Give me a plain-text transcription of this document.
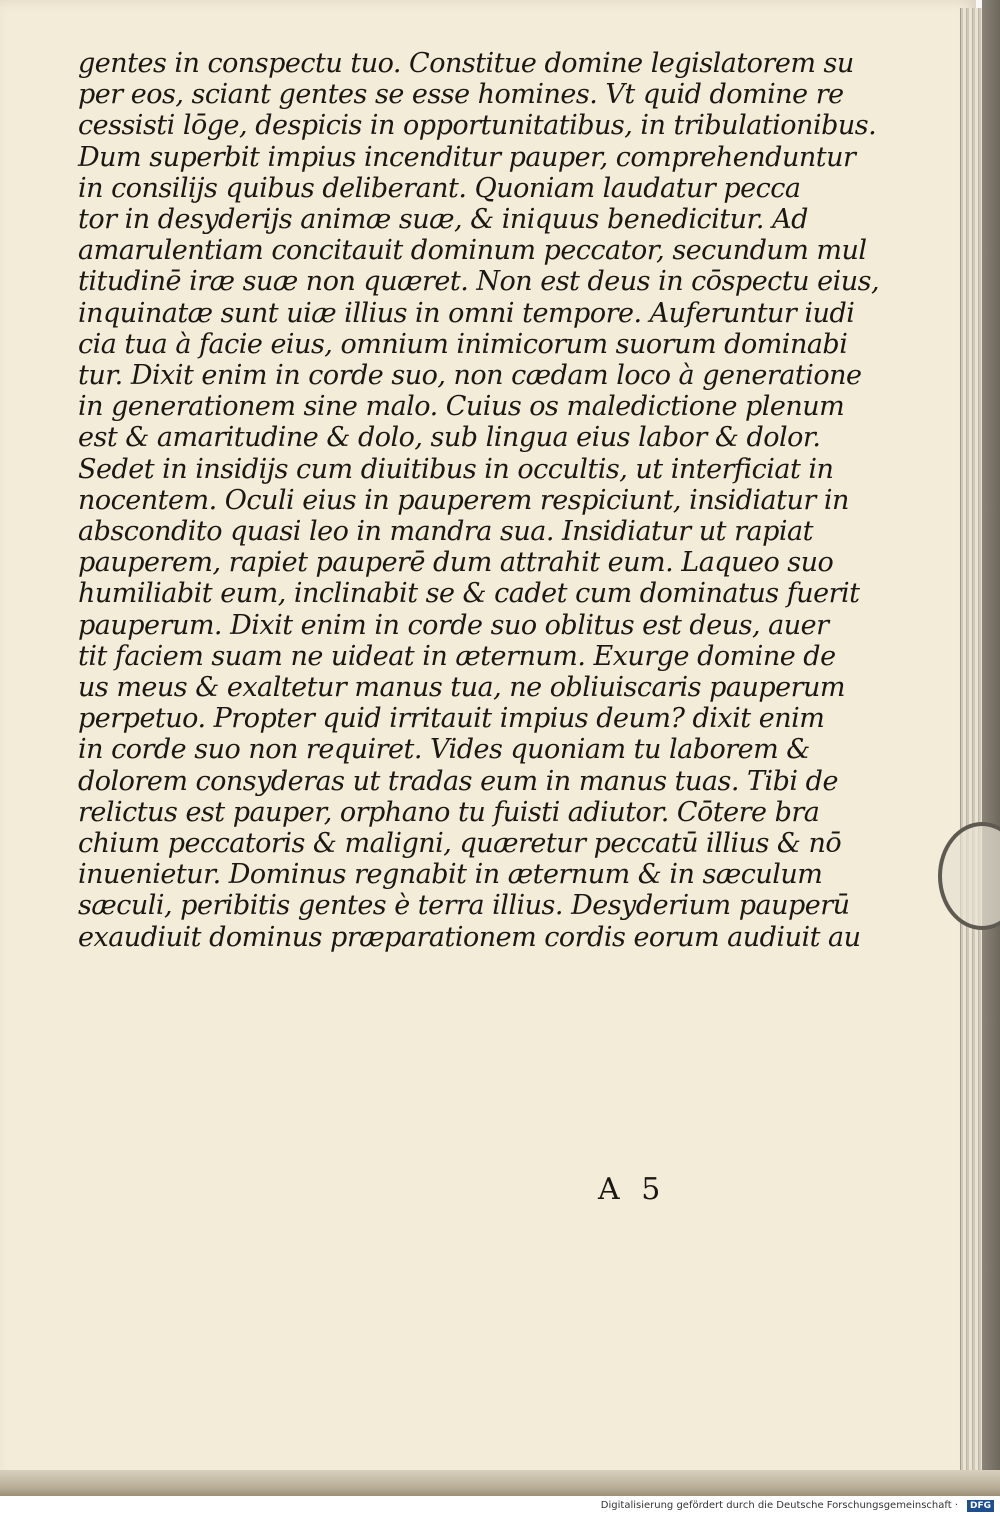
gentes in conspectu tuo. Constitue domine legislatorem su
per eos, sciant gentes se esse homines. Vt quid domine re
cessisti lōge, despicis in opportunitatibus, in tribulationibus.
Dum superbit impius incenditur pauper, comprehenduntur
in consilijs quibus deliberant. Quoniam laudatur pecca
tor in desyderijs animæ suæ, & iniquus benedicitur. Ad
amarulentiam concitauit dominum peccator, secundum mul
titudinē iræ suæ non quæret. Non est deus in cōspectu eius,
inquinatæ sunt uiæ illius in omni tempore. Auferuntur iudi
cia tua à facie eius, omnium inimicorum suorum dominabi
tur. Dixit enim in corde suo, non cædam loco à generatione
in generationem sine malo. Cuius os maledictione plenum
est & amaritudine & dolo, sub lingua eius labor & dolor.
Sedet in insidijs cum diuitibus in occultis, ut interficiat in
nocentem. Oculi eius in pauperem respiciunt, insidiatur in
abscondito quasi leo in mandra sua. Insidiatur ut rapiat
pauperem, rapiet pauperē dum attrahit eum. Laqueo suo
humiliabit eum, inclinabit se & cadet cum dominatus fuerit
pauperum. Dixit enim in corde suo oblitus est deus, auer
tit faciem suam ne uideat in æternum. Exurge domine de
us meus & exaltetur manus tua, ne obliuiscaris pauperum
perpetuo. Propter quid irritauit impius deum? dixit enim
in corde suo non requiret. Vides quoniam tu laborem &
dolorem consyderas ut tradas eum in manus tuas. Tibi de
relictus est pauper, orphano tu fuisti adiutor. Cōtere bra
chium peccatoris & maligni, quæretur peccatū illius & nō
inuenietur. Dominus regnabit in æternum & in sæculum
sæculi, peribitis gentes è terra illius. Desyderium pauperū
exaudiuit dominus præparationem cordis eorum audiuit au
A 5
Digitalisierung gefördert durch die Deutsche Forschungsgemeinschaft ·	DFG
